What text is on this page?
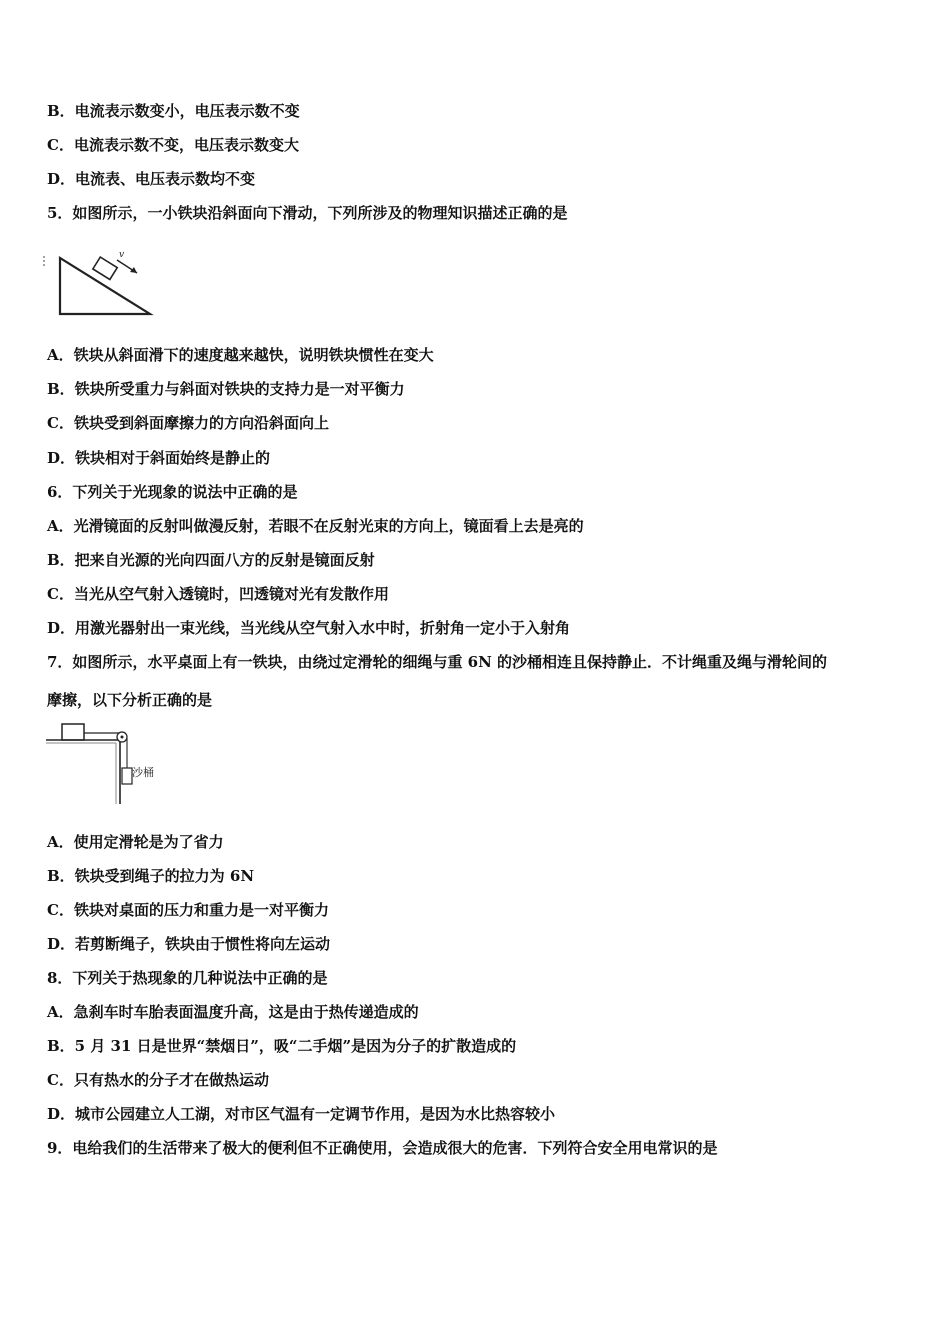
B．电流表示数变小，电压表示数不变
C．电流表示数不变，电压表示数变大
D．电流表、电压表示数均不变
5．如图所示，一小铁块沿斜面向下滑动，下列所涉及的物理知识描述正确的是
v
A．铁块从斜面滑下的速度越来越快，说明铁块惯性在变大
B．铁块所受重力与斜面对铁块的支持力是一对平衡力
C．铁块受到斜面摩擦力的方向沿斜面向上
D．铁块相对于斜面始终是静止的
6．下列关于光现象的说法中正确的是
A．光滑镜面的反射叫做漫反射，若眼不在反射光束的方向上，镜面看上去是亮的
B．把来自光源的光向四面八方的反射是镜面反射
C．当光从空气射入透镜时，凹透镜对光有发散作用
D．用激光器射出一束光线，当光线从空气射入水中时，折射角一定小于入射角
7．如图所示，水平桌面上有一铁块，由绕过定滑轮的细绳与重 6N 的沙桶相连且保持静止．不计绳重及绳与滑轮间的
摩擦，以下分析正确的是
沙桶
A．使用定滑轮是为了省力
B．铁块受到绳子的拉力为 6N
C．铁块对桌面的压力和重力是一对平衡力
D．若剪断绳子，铁块由于惯性将向左运动
8．下列关于热现象的几种说法中正确的是
A．急刹车时车胎表面温度升高，这是由于热传递造成的
B．5 月 31 日是世界“禁烟日”，吸“二手烟”是因为分子的扩散造成的
C．只有热水的分子才在做热运动
D．城市公园建立人工湖，对市区气温有一定调节作用，是因为水比热容较小
9．电给我们的生活带来了极大的便利但不正确使用，会造成很大的危害．下列符合安全用电常识的是
